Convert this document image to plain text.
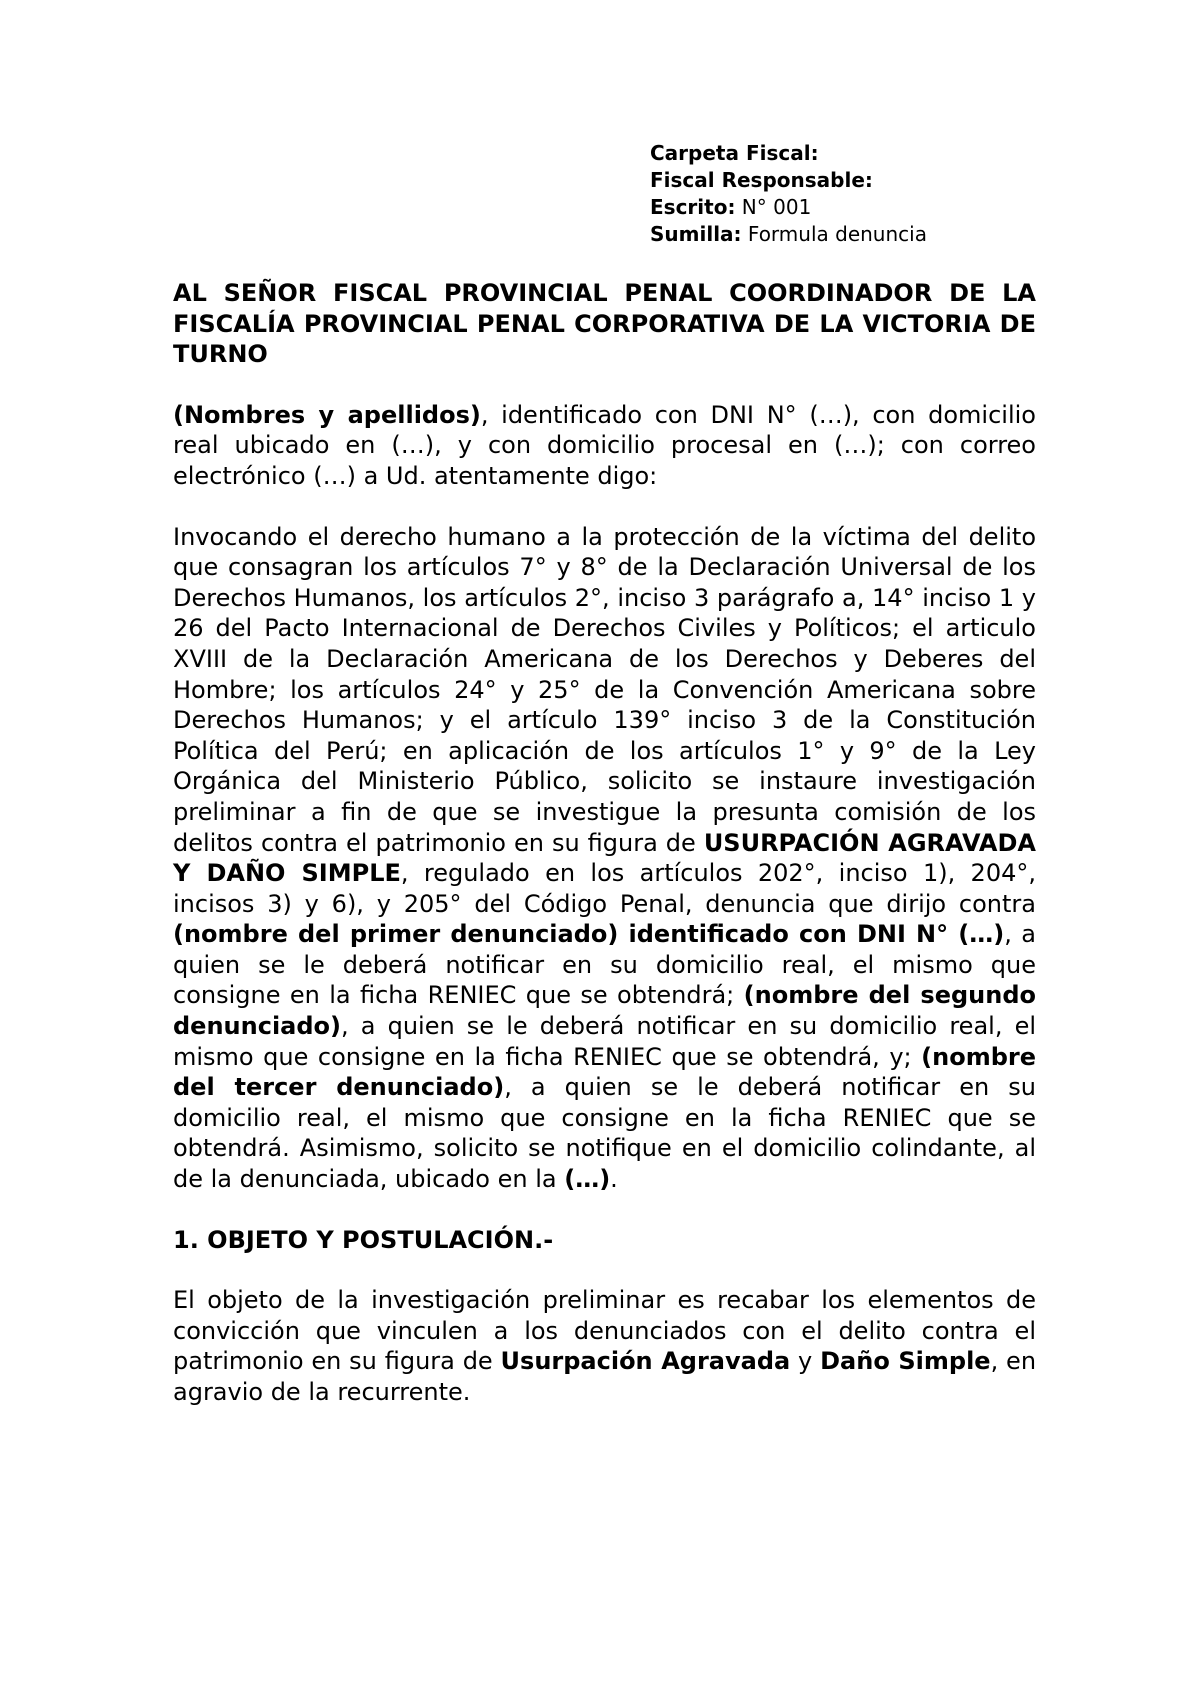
Carpeta Fiscal:
Fiscal Responsable:
Escrito: N° 001
Sumilla: Formula denuncia

AL SEÑOR FISCAL PROVINCIAL PENAL COORDINADOR DE LA FISCALÍA PROVINCIAL PENAL CORPORATIVA DE LA VICTORIA DE TURNO

(Nombres y apellidos), identificado con DNI N° (…), con domicilio real ubicado en (…), y con domicilio procesal en (…); con correo electrónico (…) a Ud. atentamente digo:

Invocando el derecho humano a la protección de la víctima del delito que consagran los artículos 7° y 8° de la Declaración Universal de los Derechos Humanos, los artículos 2°, inciso 3 parágrafo a, 14° inciso 1 y 26 del Pacto Internacional de Derechos Civiles y Políticos; el articulo XVIII de la Declaración Americana de los Derechos y Deberes del Hombre; los artículos 24° y 25° de la Convención Americana sobre Derechos Humanos; y el artículo 139° inciso 3 de la Constitución Política del Perú; en aplicación de los artículos 1° y 9° de la Ley Orgánica del Ministerio Público, solicito se instaure investigación preliminar a fin de que se investigue la presunta comisión de los delitos contra el patrimonio en su figura de USURPACIÓN AGRAVADA Y DAÑO SIMPLE, regulado en los artículos 202°, inciso 1), 204°, incisos 3) y 6), y 205° del Código Penal, denuncia que dirijo contra (nombre del primer denunciado) identificado con DNI N° (…), a quien se le deberá notificar en su domicilio real, el mismo que consigne en la ficha RENIEC que se obtendrá; (nombre del segundo denunciado), a quien se le deberá notificar en su domicilio real, el mismo que consigne en la ficha RENIEC que se obtendrá, y; (nombre del tercer denunciado), a quien se le deberá notificar en su domicilio real, el mismo que consigne en la ficha RENIEC que se obtendrá. Asimismo, solicito se notifique en el domicilio colindante, al de la denunciada, ubicado en la (…).

1. OBJETO Y POSTULACIÓN.-

El objeto de la investigación preliminar es recabar los elementos de convicción que vinculen a los denunciados con el delito contra el patrimonio en su figura de Usurpación Agravada y Daño Simple, en agravio de la recurrente.
